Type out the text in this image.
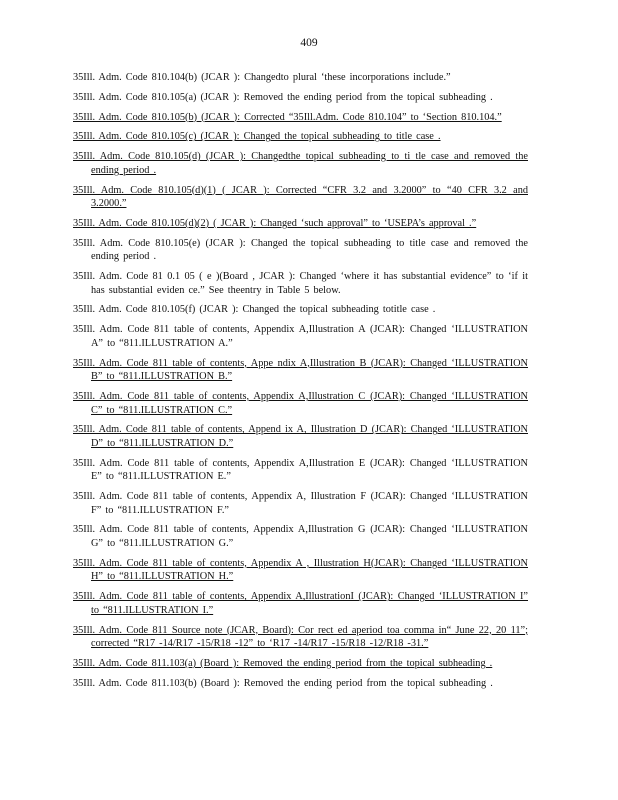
409

35Ill. Adm. Code 810.104(b) (JCAR ): Changedto plural ‘these incorporations include.”

35Ill. Adm. Code 810.105(a) (JCAR ): Removed the ending period from the topical subheading .

35Ill. Adm. Code 810.105(b) (JCAR ): Corrected “35Ill.Adm. Code 810.104” to ‘Section 810.104.”

35Ill. Adm. Code 810.105(c) (JCAR ): Changed the topical subheading to title case .

35Ill. Adm. Code 810.105(d) (JCAR ): Changedthe topical subheading to ti tle case and removed the ending period .

35Ill. Adm. Code 810.105(d)(1) ( JCAR ): Corrected “CFR 3.2 and 3.2000” to “40 CFR 3.2 and 3.2000.”

35Ill. Adm. Code 810.105(d)(2) ( JCAR ): Changed ‘such approval” to ‘USEPA’s approval .”

35Ill. Adm. Code 810.105(e) (JCAR ): Changed the topical subheading to title case and removed the ending period .

35Ill. Adm. Code 81 0.1 05 ( e )(Board , JCAR ): Changed ‘where it has substantial evidence” to ‘if it has substantial eviden ce.” See theentry in Table 5 below.

35Ill. Adm. Code 810.105(f) (JCAR ): Changed the topical subheading totitle case .

35Ill. Adm. Code 811 table of contents, Appendix A,Illustration A (JCAR): Changed ‘ILLUSTRATION A” to “811.ILLUSTRATION A.”

35Ill. Adm. Code 811 table of contents, Appe ndix A,Illustration B (JCAR): Changed ‘ILLUSTRATION B” to “811.ILLUSTRATION B.”

35Ill. Adm. Code 811 table of contents, Appendix A,Illustration C (JCAR): Changed ‘ILLUSTRATION C” to “811.ILLUSTRATION C.”

35Ill. Adm. Code 811 table of contents, Append ix A, Illustration D (JCAR): Changed ‘ILLUSTRATION D” to “811.ILLUSTRATION D.”

35Ill. Adm. Code 811 table of contents, Appendix A,Illustration E (JCAR): Changed ‘ILLUSTRATION E” to “811.ILLUSTRATION E.”

35Ill. Adm. Code 811 table of contents, Appendix A, Illustration F (JCAR): Changed ‘ILLUSTRATION F” to “811.ILLUSTRATION F.”

35Ill. Adm. Code 811 table of contents, Appendix A,Illustration G (JCAR): Changed ‘ILLUSTRATION G” to “811.ILLUSTRATION G.”

35Ill. Adm. Code 811 table of contents, Appendix A , Illustration H(JCAR): Changed ‘ILLUSTRATION H” to “811.ILLUSTRATION H.”

35Ill. Adm. Code 811 table of contents, Appendix A,IllustrationI (JCAR): Changed ‘ILLUSTRATION I” to “811.ILLUSTRATION I.”

35Ill. Adm. Code 811 Source note (JCAR, Board): Cor rect ed aperiod toa comma in“ June 22, 20 11”; corrected “R17 -14/R17 -15/R18 -12” to ‘R17 -14/R17 -15/R18 -12/R18 -31.”

35Ill. Adm. Code 811.103(a) (Board ): Removed the ending period from the topical subheading .

35Ill. Adm. Code 811.103(b) (Board ): Removed the ending period from the topical subheading .
